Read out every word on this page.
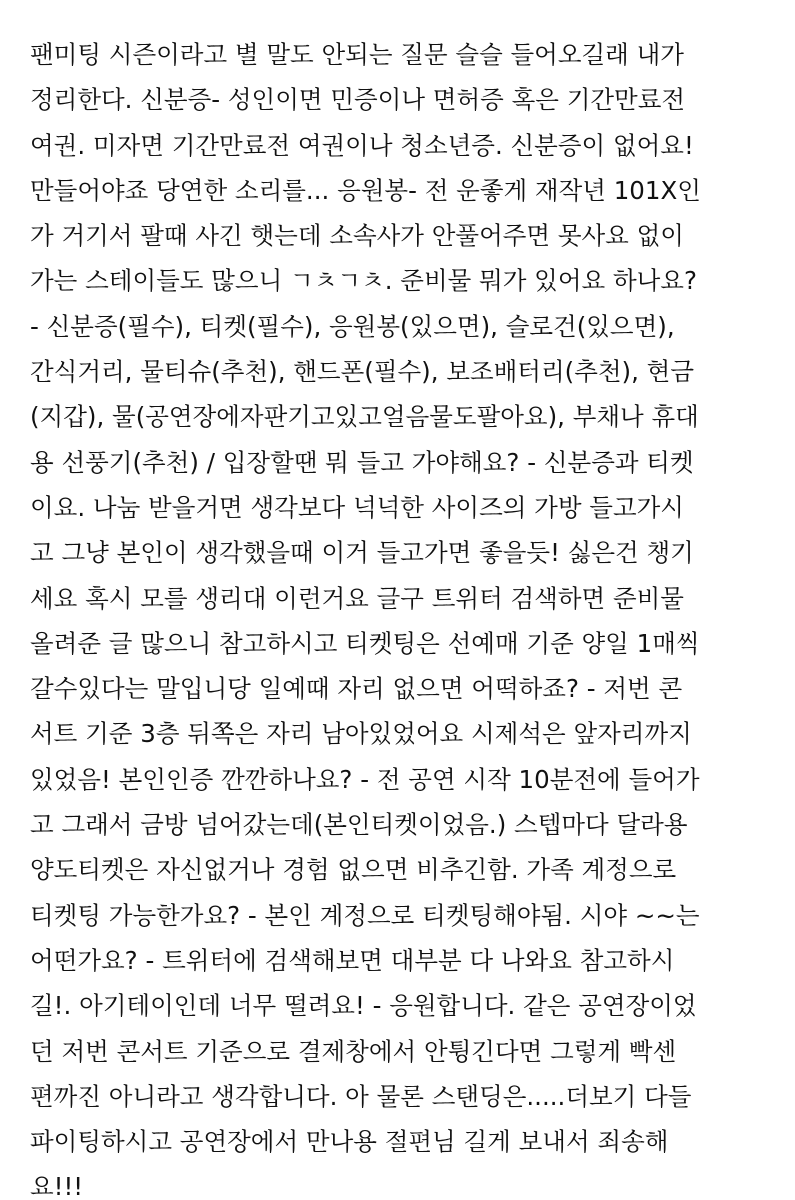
팬미팅 시즌이라고 별 말도 안되는 질문 슬슬 들어오길래 내가
정리한다. 신분증- 성인이면 민증이나 면허증 혹은 기간만료전
여권. 미자면 기간만료전 여권이나 청소년증. 신분증이 없어요!
만들어야죠 당연한 소리를... 응원봉- 전 운좋게 재작년 101X인
가 거기서 팔때 사긴 햇는데 소속사가 안풀어주면 못사요 없이
가는 스테이들도 많으니 ㄱㅊㄱㅊ. 준비물 뭐가 있어요 하나요?
- 신분증(필수), 티켓(필수), 응원봉(있으면), 슬로건(있으면),
간식거리, 물티슈(추천), 핸드폰(필수), 보조배터리(추천), 현금
(지갑), 물(공연장에자판기고있고얼음물도팔아요), 부채나 휴대
용 선풍기(추천) / 입장할땐 뭐 들고 가야해요? - 신분증과 티켓
이요. 나눔 받을거면 생각보다 넉넉한 사이즈의 가방 들고가시
고 그냥 본인이 생각했을때 이거 들고가면 좋을듯! 싫은건 챙기
세요 혹시 모를 생리대 이런거요 글구 트위터 검색하면 준비물
올려준 글 많으니 참고하시고 티켓팅은 선예매 기준 양일 1매씩
갈수있다는 말입니당 일예때 자리 없으면 어떡하죠? - 저번 콘
서트 기준 3층 뒤쪽은 자리 남아있었어요 시제석은 앞자리까지
있었음! 본인인증 깐깐하나요? - 전 공연 시작 10분전에 들어가
고 그래서 금방 넘어갔는데(본인티켓이었음.) 스텝마다 달라용
양도티켓은 자신없거나 경험 없으면 비추긴함. 가족 계정으로
티켓팅 가능한가요? - 본인 계정으로 티켓팅해야됨. 시야 ~~는
어떤가요? - 트위터에 검색해보면 대부분 다 나와요 참고하시
길!. 아기테이인데 너무 떨려요! - 응원합니다. 같은 공연장이었
던 저번 콘서트 기준으로 결제창에서 안튕긴다면 그렇게 빡센
편까진 아니라고 생각합니다. 아 물론 스탠딩은.....더보기 다들
파이팅하시고 공연장에서 만나용 절편님 길게 보내서 죄송해
요!!!
